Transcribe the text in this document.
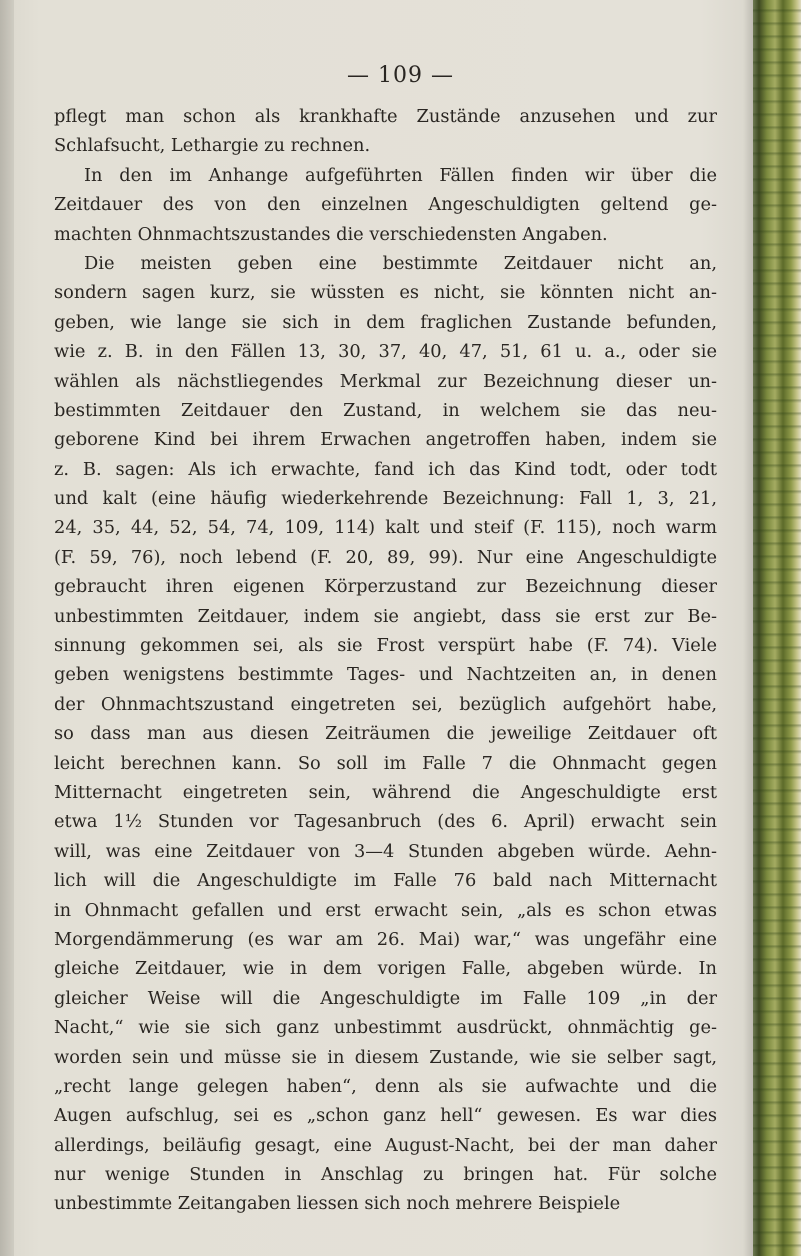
— 109 —
pflegt man schon als krankhafte Zustände anzusehen und zur
Schlafsucht, Lethargie zu rechnen.
In den im Anhange aufgeführten Fällen finden wir über die
Zeitdauer des von den einzelnen Angeschuldigten geltend ge-
machten Ohnmachtszustandes die verschiedensten Angaben.
Die meisten geben eine bestimmte Zeitdauer nicht an,
sondern sagen kurz, sie wüssten es nicht, sie könnten nicht an-
geben, wie lange sie sich in dem fraglichen Zustande befunden,
wie z. B. in den Fällen 13, 30, 37, 40, 47, 51, 61 u. a., oder sie
wählen als nächstliegendes Merkmal zur Bezeichnung dieser un-
bestimmten Zeitdauer den Zustand, in welchem sie das neu-
geborene Kind bei ihrem Erwachen angetroffen haben, indem sie
z. B. sagen: Als ich erwachte, fand ich das Kind todt, oder todt
und kalt (eine häufig wiederkehrende Bezeichnung: Fall 1, 3, 21,
24, 35, 44, 52, 54, 74, 109, 114) kalt und steif (F. 115), noch warm
(F. 59, 76), noch lebend (F. 20, 89, 99). Nur eine Angeschuldigte
gebraucht ihren eigenen Körperzustand zur Bezeichnung dieser
unbestimmten Zeitdauer, indem sie angiebt, dass sie erst zur Be-
sinnung gekommen sei, als sie Frost verspürt habe (F. 74). Viele
geben wenigstens bestimmte Tages- und Nachtzeiten an, in denen
der Ohnmachtszustand eingetreten sei, bezüglich aufgehört habe,
so dass man aus diesen Zeiträumen die jeweilige Zeitdauer oft
leicht berechnen kann. So soll im Falle 7 die Ohnmacht gegen
Mitternacht eingetreten sein, während die Angeschuldigte erst
etwa 1½ Stunden vor Tagesanbruch (des 6. April) erwacht sein
will, was eine Zeitdauer von 3—4 Stunden abgeben würde. Aehn-
lich will die Angeschuldigte im Falle 76 bald nach Mitternacht
in Ohnmacht gefallen und erst erwacht sein, „als es schon etwas
Morgendämmerung (es war am 26. Mai) war,“ was ungefähr eine
gleiche Zeitdauer, wie in dem vorigen Falle, abgeben würde. In
gleicher Weise will die Angeschuldigte im Falle 109 „in der
Nacht,“ wie sie sich ganz unbestimmt ausdrückt, ohnmächtig ge-
worden sein und müsse sie in diesem Zustande, wie sie selber sagt,
„recht lange gelegen haben“, denn als sie aufwachte und die
Augen aufschlug, sei es „schon ganz hell“ gewesen. Es war dies
allerdings, beiläufig gesagt, eine August-Nacht, bei der man daher
nur wenige Stunden in Anschlag zu bringen hat. Für solche
unbestimmte Zeitangaben liessen sich noch mehrere Beispiele
